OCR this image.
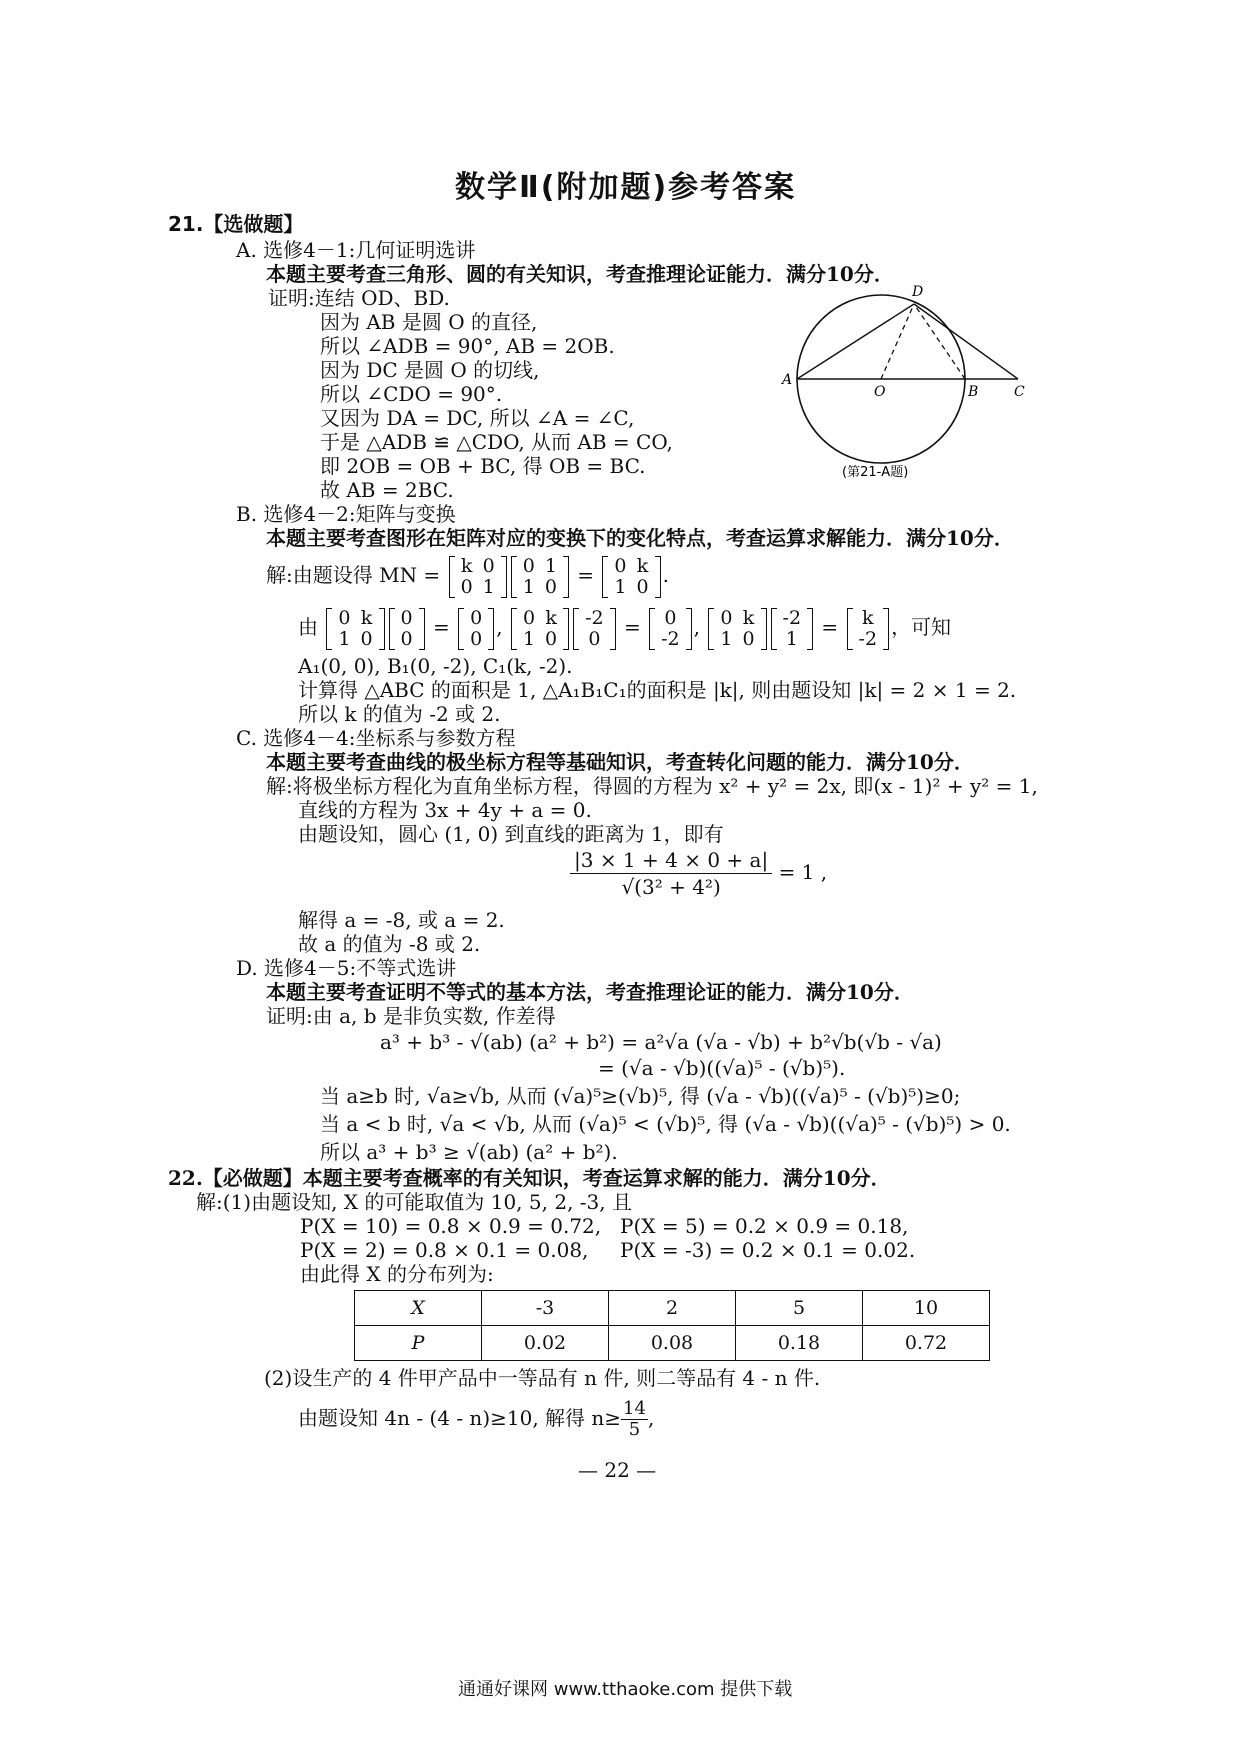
数学Ⅱ(附加题)参考答案
21.【选做题】
A. 选修4－1:几何证明选讲
本题主要考查三角形、圆的有关知识，考查推理论证能力．满分10分．
证明:连结 OD、BD.
因为 AB 是圆 O 的直径,
所以 ∠ADB = 90°, AB = 2OB.
因为 DC 是圆 O 的切线,
所以 ∠CDO = 90°.
又因为 DA = DC, 所以 ∠A = ∠C,
于是 △ADB ≌ △CDO, 从而 AB = CO,
即 2OB = OB + BC, 得 OB = BC.
故 AB = 2BC.
A
O	B	C
D
(第21-A题)
B. 选修4－2:矩阵与变换
本题主要考查图形在矩阵对应的变换下的变化特点，考查运算求解能力．满分10分．
解:由题设得 MN = k	0
0	1
0	1
1	0 = 0	k
1	0 .
由 0	k
1	0
0
0 = 0
0 , 0	k
1	0
-2
0 = 0
-2 , 0	k
1	0
-2
1 = k
-2 ，可知
A₁(0, 0), B₁(0, -2), C₁(k, -2).
计算得 △ABC 的面积是 1, △A₁B₁C₁的面积是 |k|, 则由题设知 |k| = 2 × 1 = 2.
所以 k 的值为 -2 或 2.
C. 选修4－4:坐标系与参数方程
本题主要考查曲线的极坐标方程等基础知识，考查转化问题的能力．满分10分．
解:将极坐标方程化为直角坐标方程，得圆的方程为 x² + y² = 2x, 即(x - 1)² + y² = 1,
直线的方程为 3x + 4y + a = 0.
由题设知，圆心 (1, 0) 到直线的距离为 1，即有
$\frac{|3 \times 1 + 4 \times 0 + a|}{\text{√(3² + 4²)}} = 1$ ,
解得 a = -8, 或 a = 2.
故 a 的值为 -8 或 2.
D. 选修4－5:不等式选讲
本题主要考查证明不等式的基本方法，考查推理论证的能力．满分10分．
证明:由 a, b 是非负实数, 作差得
a³ + b³ - √(ab) (a² + b²) = a²√a (√a - √b) + b²√b(√b - √a)
= (√a - √b)((√a)⁵ - (√b)⁵).
当 a≥b 时, √a≥√b, 从而 (√a)⁵≥(√b)⁵, 得 (√a - √b)((√a)⁵ - (√b)⁵)≥0;
当 a < b 时, √a < √b, 从而 (√a)⁵ < (√b)⁵, 得 (√a - √b)((√a)⁵ - (√b)⁵) > 0.
所以 a³ + b³ ≥ √(ab) (a² + b²).
22.【必做题】本题主要考查概率的有关知识，考查运算求解的能力．满分10分．
解:(1)由题设知, X 的可能取值为 10, 5, 2, -3, 且
P(X = 10) = 0.8 × 0.9 = 0.72, P(X = 5) = 0.2 × 0.9 = 0.18,
P(X = 2) = 0.8 × 0.1 = 0.08, P(X = -3) = 0.2 × 0.1 = 0.02.
由此得 X 的分布列为:
X	-3	2	5	10
P	0.02	0.08	0.18	0.72
(2)设生产的 4 件甲产品中一等品有 n 件, 则二等品有 4 - n 件.
由题设知 4n - (4 - n)≥10, 解得 $n\ge \frac{14}{5}$ ,
— 22 —
通通好课网 www.tthaoke.com 提供下载
